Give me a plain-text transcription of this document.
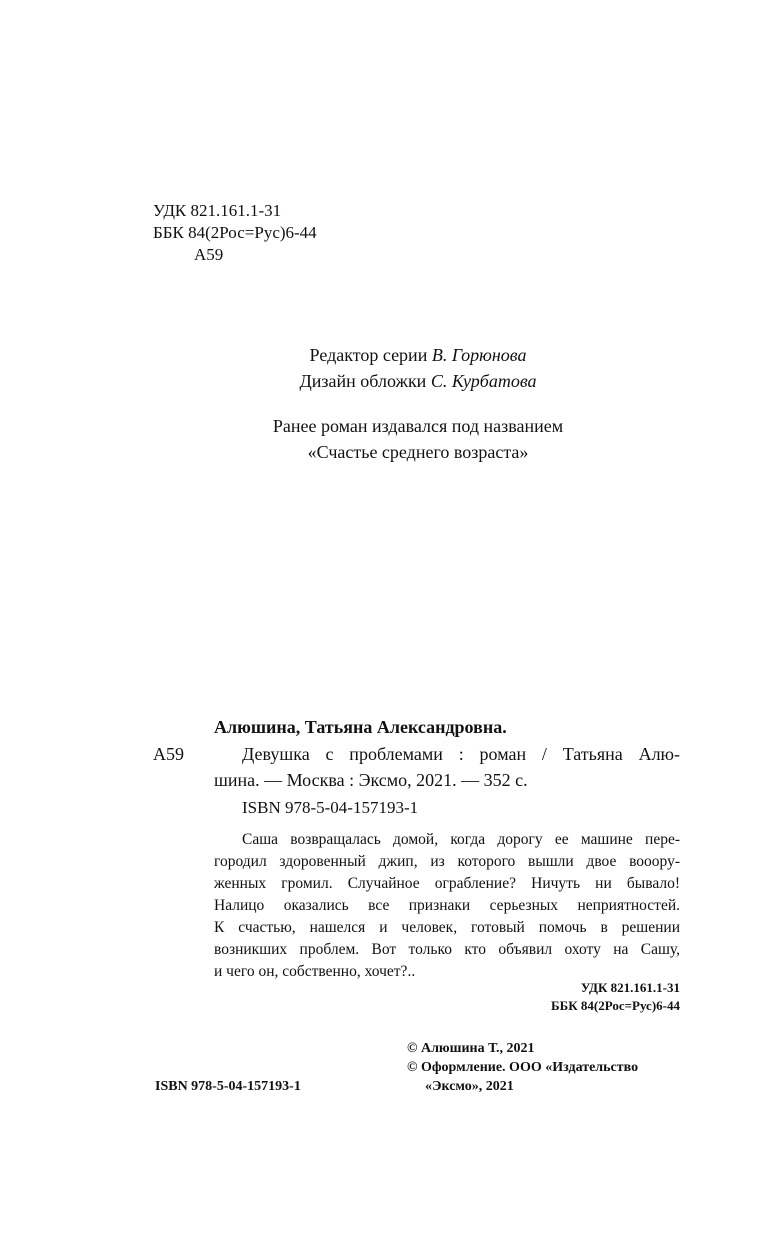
УДК 821.161.1-31
ББК 84(2Рос=Рус)6-44
А59
Редактор серии В. Горюнова
Дизайн обложки С. Курбатова
Ранее роман издавался под названием
«Счастье среднего возраста»
Алюшина, Татьяна Александровна.
А59	Девушка с проблемами : роман / Татьяна Алю-
шина. — Москва : Эксмо, 2021. — 352 с.
ISBN 978-5-04-157193-1
Саша возвращалась домой, когда дорогу ее машине пере-
городил здоровенный джип, из которого вышли двое вооору-
женных громил. Случайное ограбление? Ничуть ни бывало!
Налицо оказались все признаки серьезных неприятностей.
К счастью, нашелся и человек, готовый помочь в решении
возникших проблем. Вот только кто объявил охоту на Сашу,
и чего он, собственно, хочет?..
УДК 821.161.1-31
ББК 84(2Рос=Рус)6-44
© Алюшина Т., 2021
© Оформление. ООО «Издательство
«Эксмо», 2021
ISBN 978-5-04-157193-1
